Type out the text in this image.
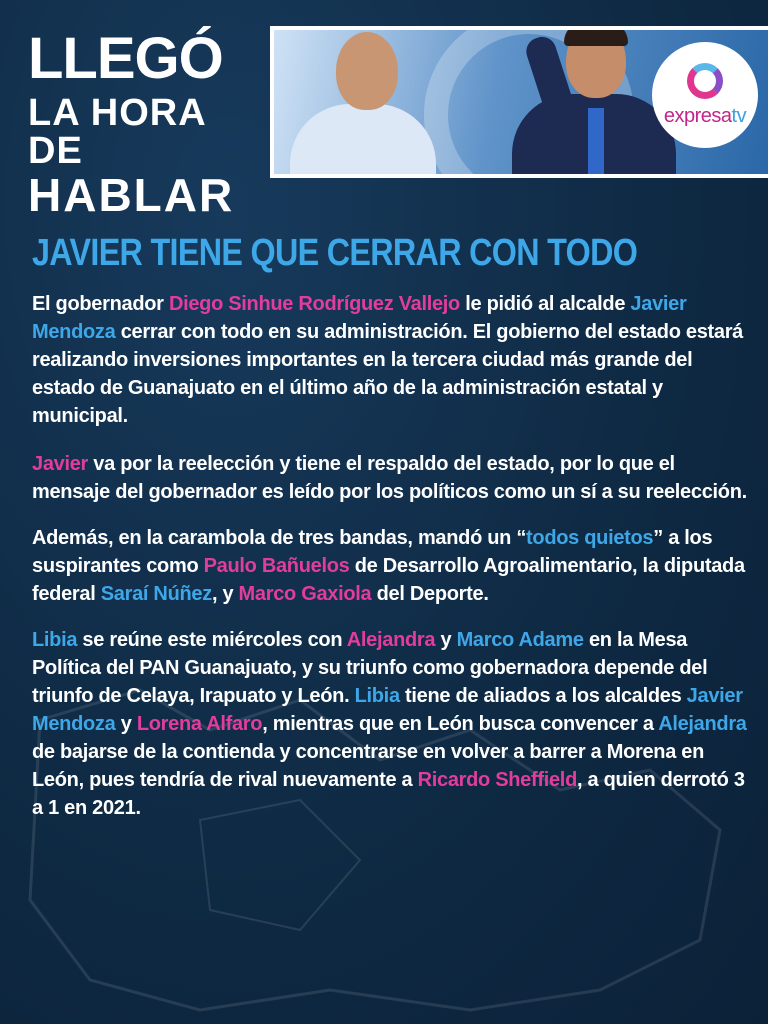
LLEGÓ
LA HORA DE
HABLAR
expresatv
JAVIER TIENE QUE CERRAR CON TODO

El gobernador Diego Sinhue Rodríguez Vallejo le pidió al alcalde Javier Mendoza cerrar con todo en su administración. El gobierno del estado estará realizando inversiones importantes en la tercera ciudad más grande del estado de Guanajuato en el último año de la administración estatal y municipal.

Javier va por la reelección y tiene el respaldo del estado, por lo que el mensaje del gobernador es leído por los políticos como un sí a su reelección.

Además, en la carambola de tres bandas, mandó un “todos quietos” a los suspirantes como Paulo Bañuelos de Desarrollo Agroalimentario, la diputada federal Saraí Núñez, y Marco Gaxiola del Deporte.

Libia se reúne este miércoles con Alejandra y Marco Adame en la Mesa Política del PAN Guanajuato, y su triunfo como gobernadora depende del triunfo de Celaya, Irapuato y León. Libia tiene de aliados a los alcaldes Javier Mendoza y Lorena Alfaro, mientras que en León busca convencer a Alejandra de bajarse de la contienda y concentrarse en volver a barrer a Morena en León, pues tendría de rival nuevamente a Ricardo Sheffield, a quien derrotó 3 a 1 en 2021.
